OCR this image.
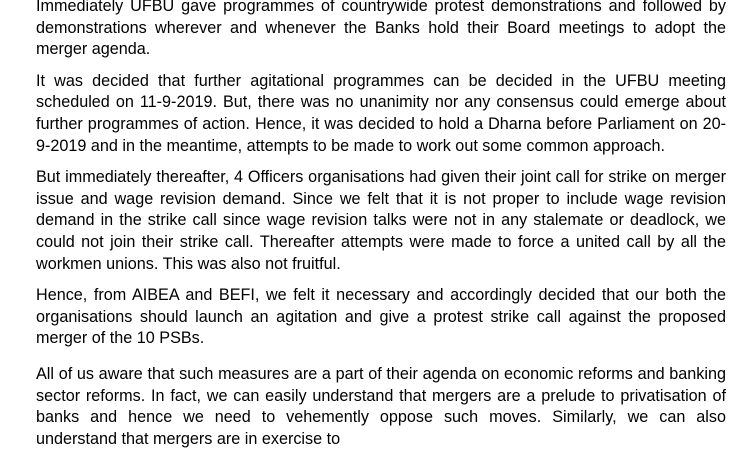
Immediately UFBU gave programmes of countrywide protest demonstrations and followed by demonstrations wherever and whenever the Banks hold their Board meetings to adopt the merger agenda.

It was decided that further agitational programmes can be decided in the UFBU meeting scheduled on 11-9-2019. But, there was no unanimity nor any consensus could emerge about further programmes of action. Hence, it was decided to hold a Dharna before Parliament on 20-9-2019 and in the meantime, attempts to be made to work out some common approach.

But immediately thereafter, 4 Officers organisations had given their joint call for strike on merger issue and wage revision demand. Since we felt that it is not proper to include wage revision demand in the strike call since wage revision talks were not in any stalemate or deadlock, we could not join their strike call. Thereafter attempts were made to force a united call by all the workmen unions. This was also not fruitful.

Hence, from AIBEA and BEFI, we felt it necessary and accordingly decided that our both the organisations should launch an agitation and give a protest strike call against the proposed merger of the 10 PSBs.

All of us aware that such measures are a part of their agenda on economic reforms and banking sector reforms. In fact, we can easily understand that mergers are a prelude to privatisation of banks and hence we need to vehemently oppose such moves. Similarly, we can also understand that mergers are in exercise to
